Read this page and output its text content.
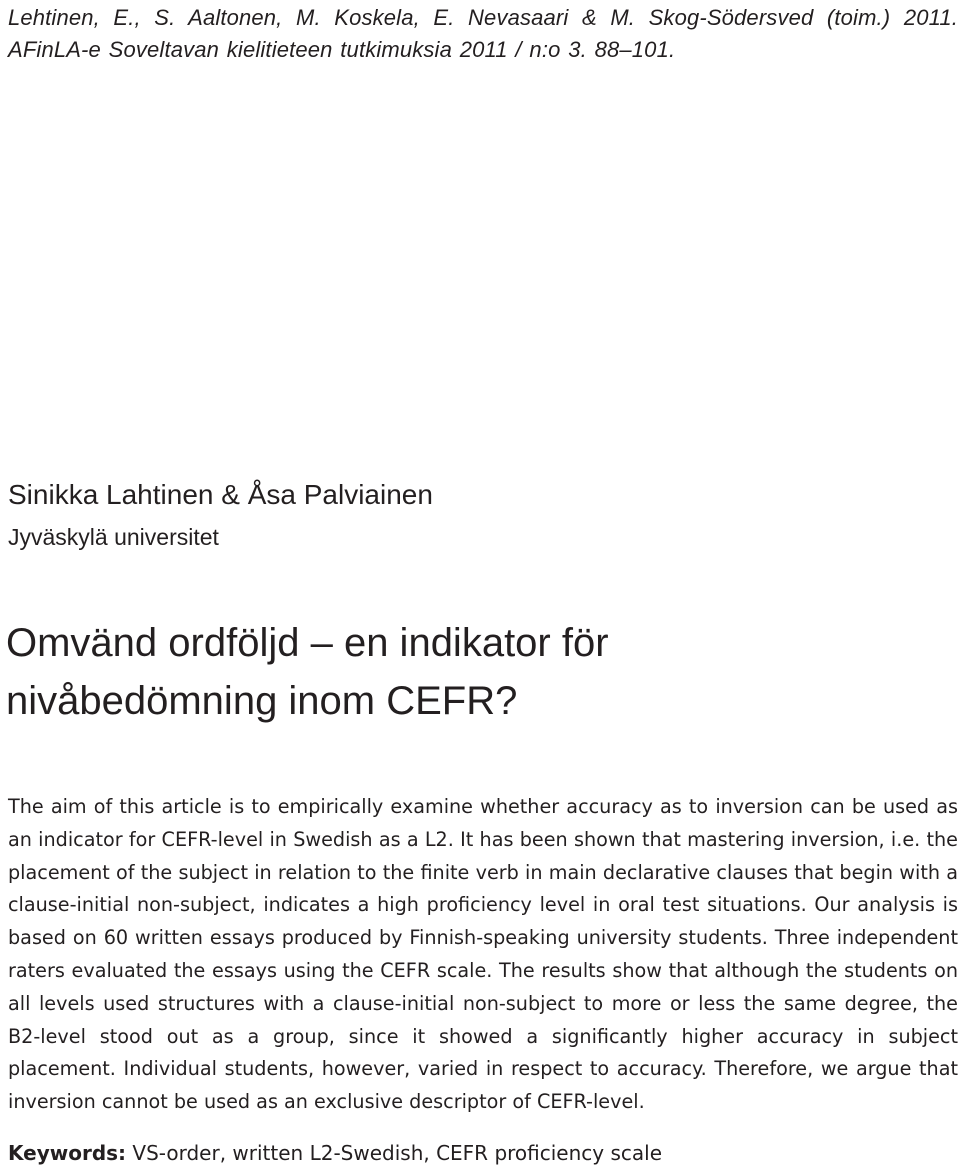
Lehtinen, E., S. Aaltonen, M. Koskela, E. Nevasaari & M. Skog-Södersved (toim.) 2011. AFinLA-e Soveltavan kielitieteen tutkimuksia 2011 / n:o 3. 88–101.
Sinikka Lahtinen & Åsa Palviainen
Jyväskylä universitet
Omvänd ordföljd – en indikator för
nivåbedömning inom CEFR?
The aim of this article is to empirically examine whether accuracy as to inversion can be used as an indicator for CEFR-level in Swedish as a L2. It has been shown that mastering inversion, i.e. the placement of the subject in relation to the finite verb in main declarative clauses that begin with a clause-initial non-subject, indicates a high proficiency level in oral test situations. Our analysis is based on 60 written essays produced by Finnish-speaking university students. Three independent raters evaluated the essays using the CEFR scale. The results show that although the students on all levels used structures with a clause-initial non-subject to more or less the same degree, the B2-level stood out as a group, since it showed a significantly higher accuracy in subject placement. Individual students, however, varied in respect to accuracy. Therefore, we argue that inversion cannot be used as an exclusive descriptor of CEFR-level.
Keywords: VS-order, written L2-Swedish, CEFR proficiency scale
